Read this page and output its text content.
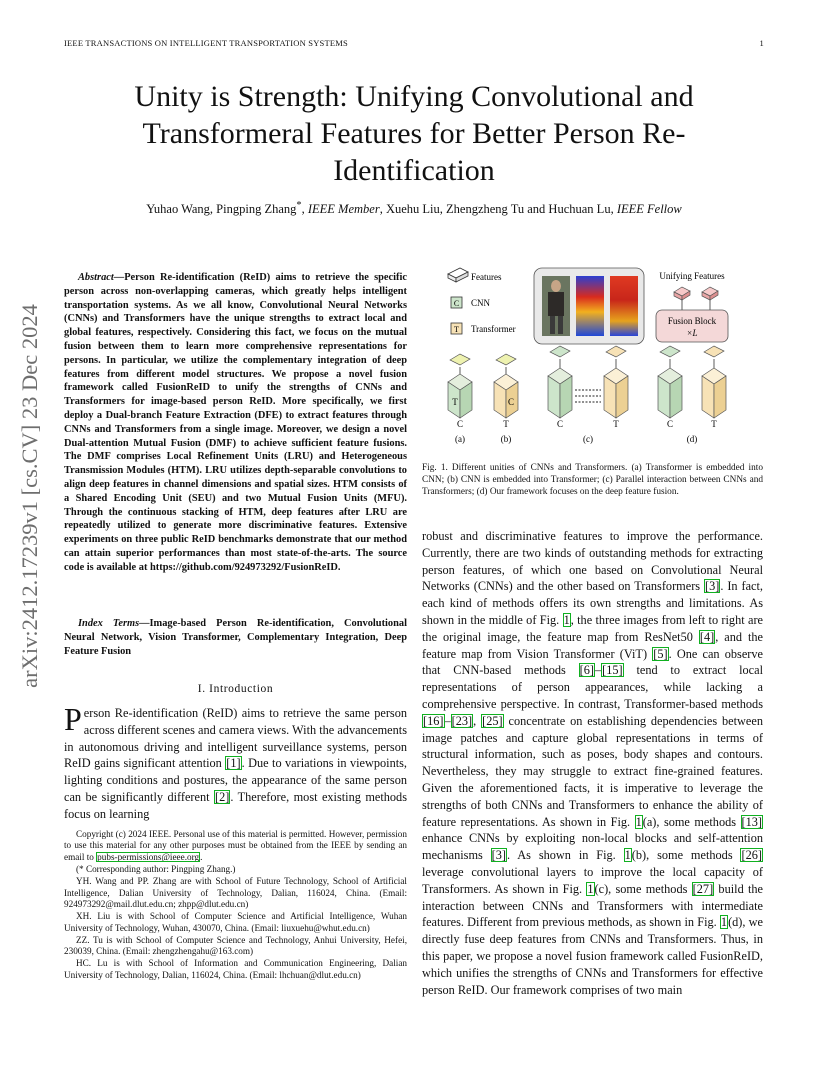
IEEE TRANSACTIONS ON INTELLIGENT TRANSPORTATION SYSTEMS	1
arXiv:2412.17239v1 [cs.CV] 23 Dec 2024
Unity is Strength: Unifying Convolutional and Transformeral Features for Better Person Re-Identification
Yuhao Wang, Pingping Zhang*, IEEE Member, Xuehu Liu, Zhengzheng Tu and Huchuan Lu, IEEE Fellow
Abstract—Person Re-identification (ReID) aims to retrieve the specific person across non-overlapping cameras, which greatly helps intelligent transportation systems. As we all know, Convolutional Neural Networks (CNNs) and Transformers have the unique strengths to extract local and global features, respectively. Considering this fact, we focus on the mutual fusion between them to learn more comprehensive representations for persons. In particular, we utilize the complementary integration of deep features from different model structures. We propose a novel fusion framework called FusionReID to unify the strengths of CNNs and Transformers for image-based person ReID. More specifically, we first deploy a Dual-branch Feature Extraction (DFE) to extract features through CNNs and Transformers from a single image. Moreover, we design a novel Dual-attention Mutual Fusion (DMF) to achieve sufficient feature fusions. The DMF comprises Local Refinement Units (LRU) and Heterogeneous Transmission Modules (HTM). LRU utilizes depth-separable convolutions to align deep features in channel dimensions and spatial sizes. HTM consists of a Shared Encoding Unit (SEU) and two Mutual Fusion Units (MFU). Through the continuous stacking of HTM, deep features after LRU are repeatedly utilized to generate more discriminative features. Extensive experiments on three public ReID benchmarks demonstrate that our method can attain superior performances than most state-of-the-arts. The source code is available at https://github.com/924973292/FusionReID.
Index Terms—Image-based Person Re-identification, Convolutional Neural Network, Vision Transformer, Complementary Integration, Deep Feature Fusion
I. Introduction
Person Re-identification (ReID) aims to retrieve the same person across different scenes and camera views. With the advancements in autonomous driving and intelligent surveillance systems, person ReID gains significant attention [1]. Due to variations in viewpoints, lighting conditions and postures, the appearance of the same person can be significantly different [2]. Therefore, most existing methods focus on learning

Copyright (c) 2024 IEEE. Personal use of this material is permitted. However, permission to use this material for any other purposes must be obtained from the IEEE by sending an email to pubs-permissions@ieee.org.

(* Corresponding author: Pingping Zhang.)

YH. Wang and PP. Zhang are with School of Future Technology, School of Artificial Intelligence, Dalian University of Technology, Dalian, 116024, China. (Email: 924973292@mail.dlut.edu.cn; zhpp@dlut.edu.cn)

XH. Liu is with School of Computer Science and Artificial Intelligence, Wuhan University of Technology, Wuhan, 430070, China. (Email: liuxuehu@whut.edu.cn)

ZZ. Tu is with School of Computer Science and Technology, Anhui University, Hefei, 230039, China. (Email: zhengzhengahu@163.com)

HC. Lu is with School of Information and Communication Engineering, Dalian University of Technology, Dalian, 116024, China. (Email: lhchuan@dlut.edu.cn)

Features
C CNN
T Transformer
Unifying Features
Fusion Block
×L
T	C
C	T	C	T	C	T
(a)	(b)	(c)	(d)
Fig. 1. Different unities of CNNs and Transformers. (a) Transformer is embedded into CNN; (b) CNN is embedded into Transformer; (c) Parallel interaction between CNNs and Transformers; (d) Our framework focuses on the deep feature fusion.
robust and discriminative features to improve the performance. Currently, there are two kinds of outstanding methods for extracting person features, of which one based on Convolutional Neural Networks (CNNs) and the other based on Transformers [3]. In fact, each kind of methods offers its own strengths and limitations. As shown in the middle of Fig. 1, the three images from left to right are the original image, the feature map from ResNet50 [4], and the feature map from Vision Transformer (ViT) [5]. One can observe that CNN-based methods [6]–[15] tend to extract local representations of person appearances, while lacking a comprehensive perspective. In contrast, Transformer-based methods [16]–[23], [25] concentrate on establishing dependencies between image patches and capture global representations in terms of structural information, such as poses, body shapes and contours. Nevertheless, they may struggle to extract fine-grained features. Given the aforementioned facts, it is imperative to leverage the strengths of both CNNs and Transformers to enhance the ability of feature representations. As shown in Fig. 1(a), some methods [13] enhance CNNs by exploiting non-local blocks and self-attention mechanisms [3]. As shown in Fig. 1(b), some methods [26] leverage convolutional layers to improve the local capacity of Transformers. As shown in Fig. 1(c), some methods [27] build the interaction between CNNs and Transformers with intermediate features. Different from previous methods, as shown in Fig. 1(d), we directly fuse deep features from CNNs and Transformers. Thus, in this paper, we propose a novel fusion framework called FusionReID, which unifies the strengths of CNNs and Transformers for effective person ReID. Our framework comprises of two main
